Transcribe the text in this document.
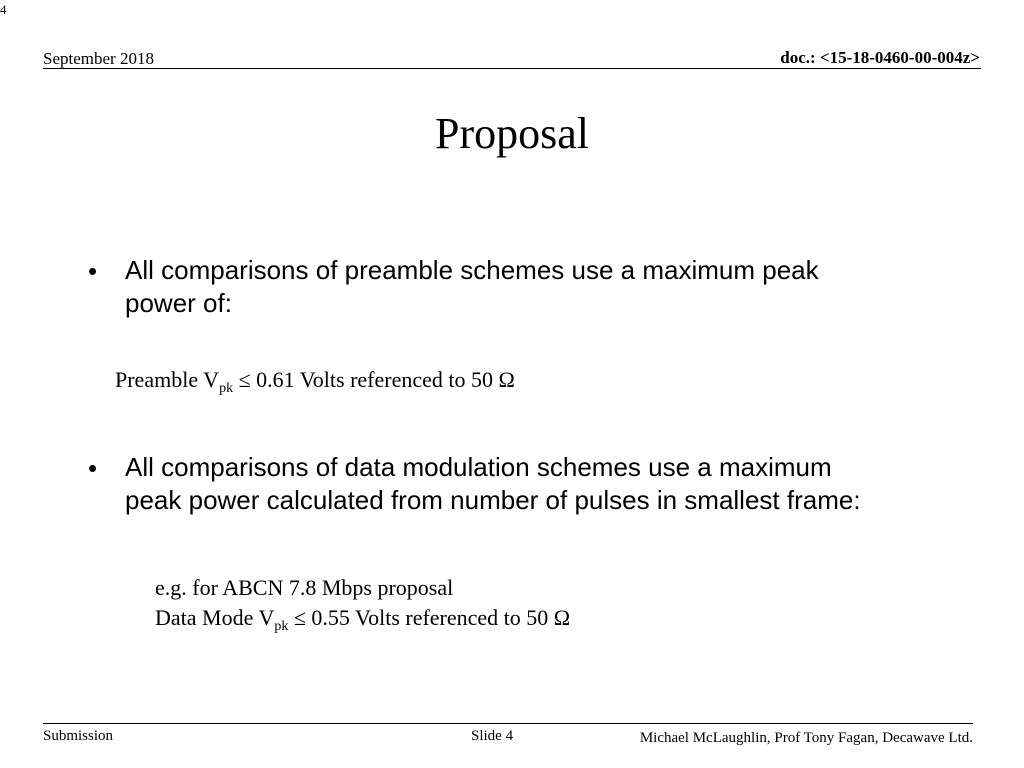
4
September 2018	doc.: <15-18-0460-00-004z>
Proposal
• All comparisons of preamble schemes use a maximum peak
power of:
Preamble $V_{pk} \le 0.61$ Volts referenced to 50 Ω
• All comparisons of data modulation schemes use a maximum
peak power calculated from number of pulses in smallest frame:
e.g. for ABCN 7.8 Mbps proposal
Data Mode $V_{pk} \le 0.55$ Volts referenced to 50 Ω
Submission	Slide 4	Michael McLaughlin, Prof Tony Fagan, Decawave Ltd.
